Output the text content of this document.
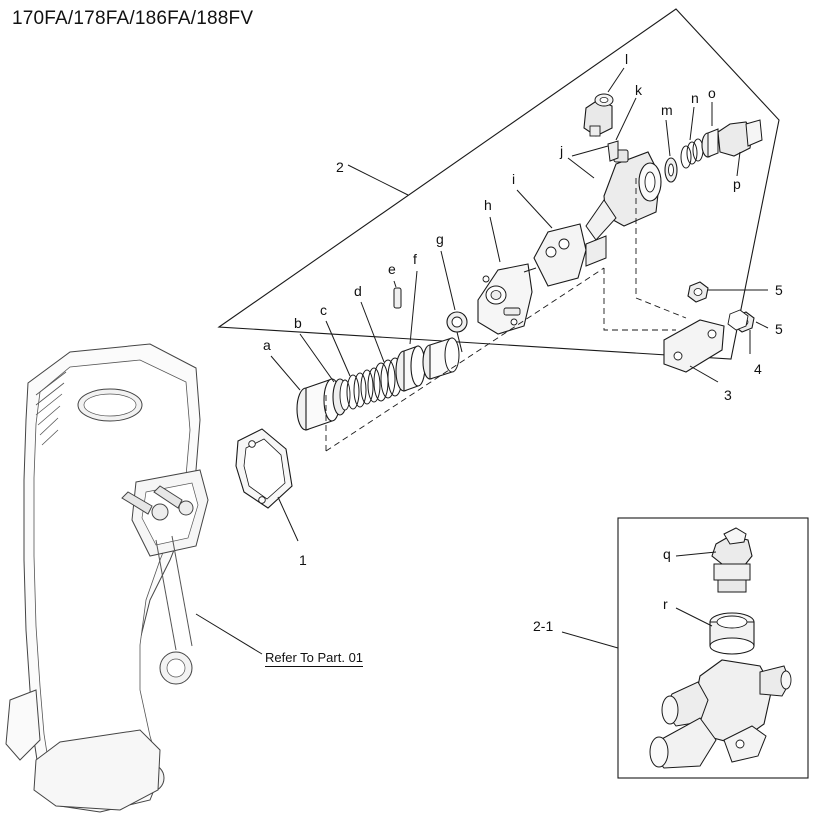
170FA/178FA/186FA/188FV
Refer To Part. 01
1
2
3
4
5
5
2-1
a
b
c
d
e
f
g
h
i
j
k
l
m
n o
p
q
r
